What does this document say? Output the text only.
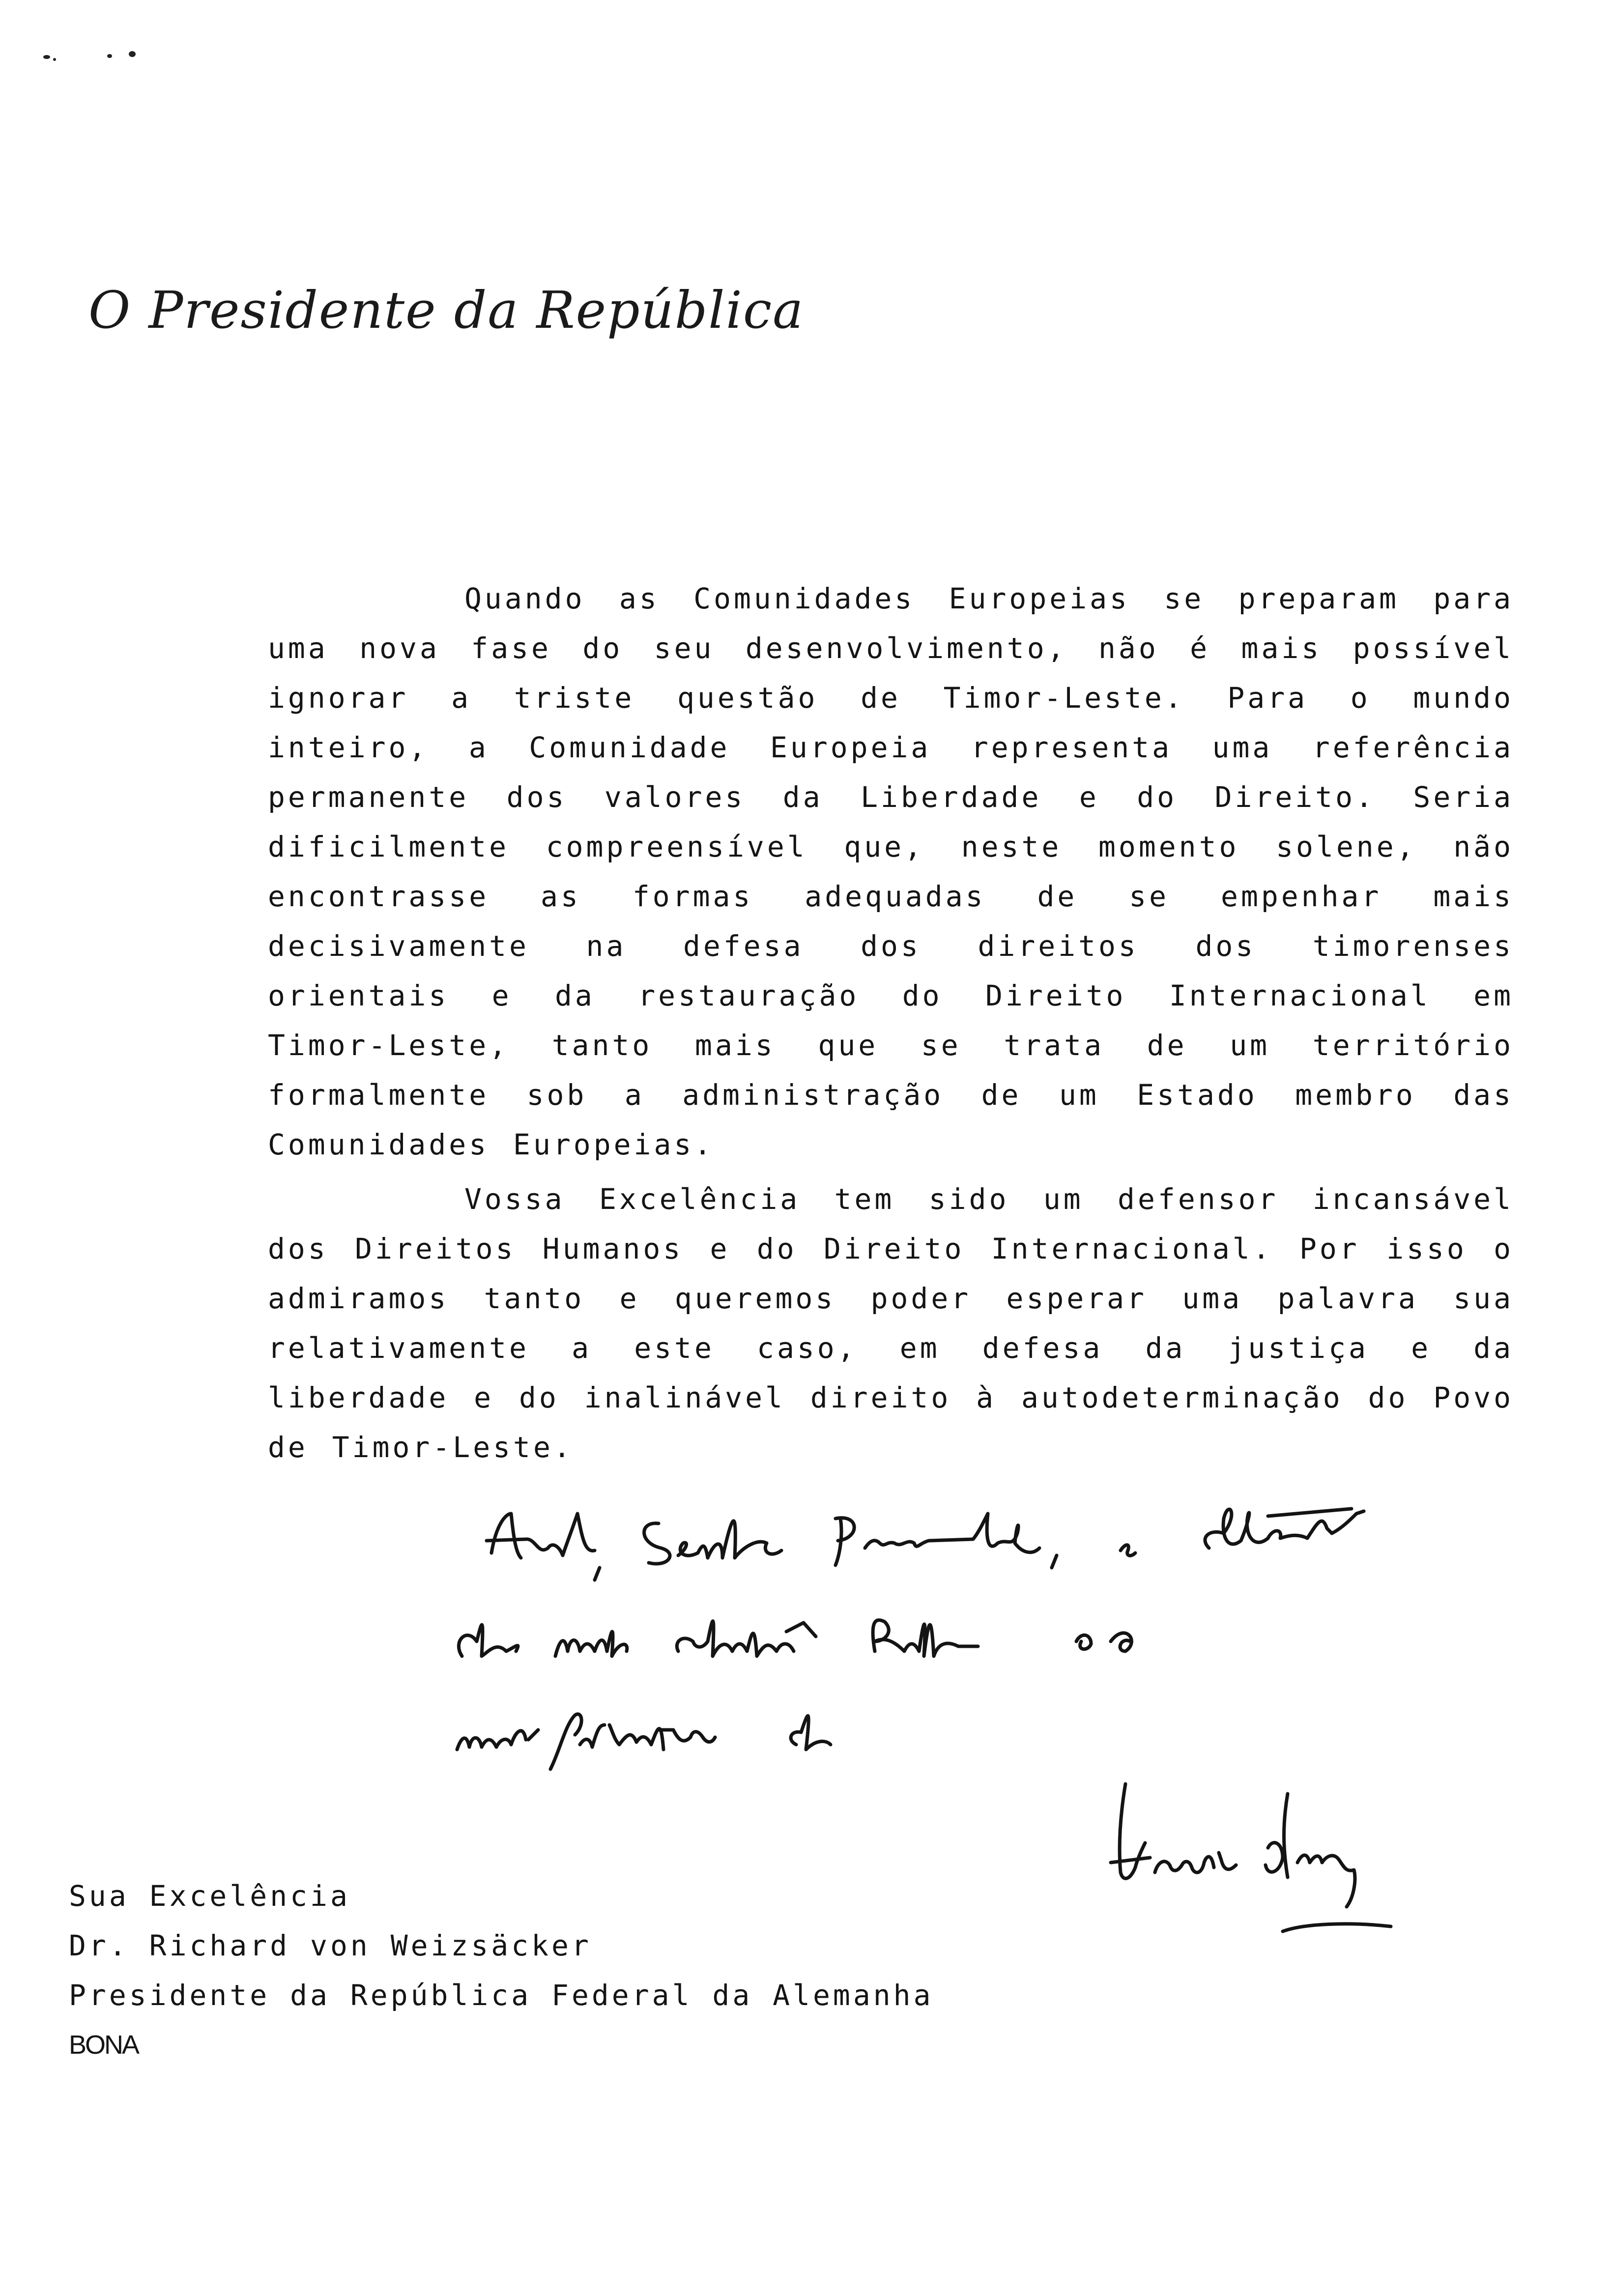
O Presidente da República
Quando as Comunidades Europeias se preparam para uma nova fase do seu desenvolvimento, não é mais possível ignorar a triste questão de Timor-Leste. Para o mundo inteiro, a Comunidade Europeia representa uma referência permanente dos valores da Liberdade e do Direito. Seria dificilmente compreensível que, neste momento solene, não encontrasse as formas adequadas de se empenhar mais decisivamente na defesa dos direitos dos timorenses orientais e da restauração do Direito Internacional em Timor-Leste, tanto mais que se trata de um território formalmente sob a administração de um Estado membro das Comunidades Europeias.
Vossa Excelência tem sido um defensor incansável dos Direitos Humanos e do Direito Internacional. Por isso o admiramos tanto e queremos poder esperar uma palavra sua relativamente a este caso, em defesa da justiça e da liberdade e do inalinável direito à autodeterminação do Povo de Timor-Leste.
Sua Excelência
Dr. Richard von Weizsäcker
Presidente da República Federal da Alemanha
BONA
